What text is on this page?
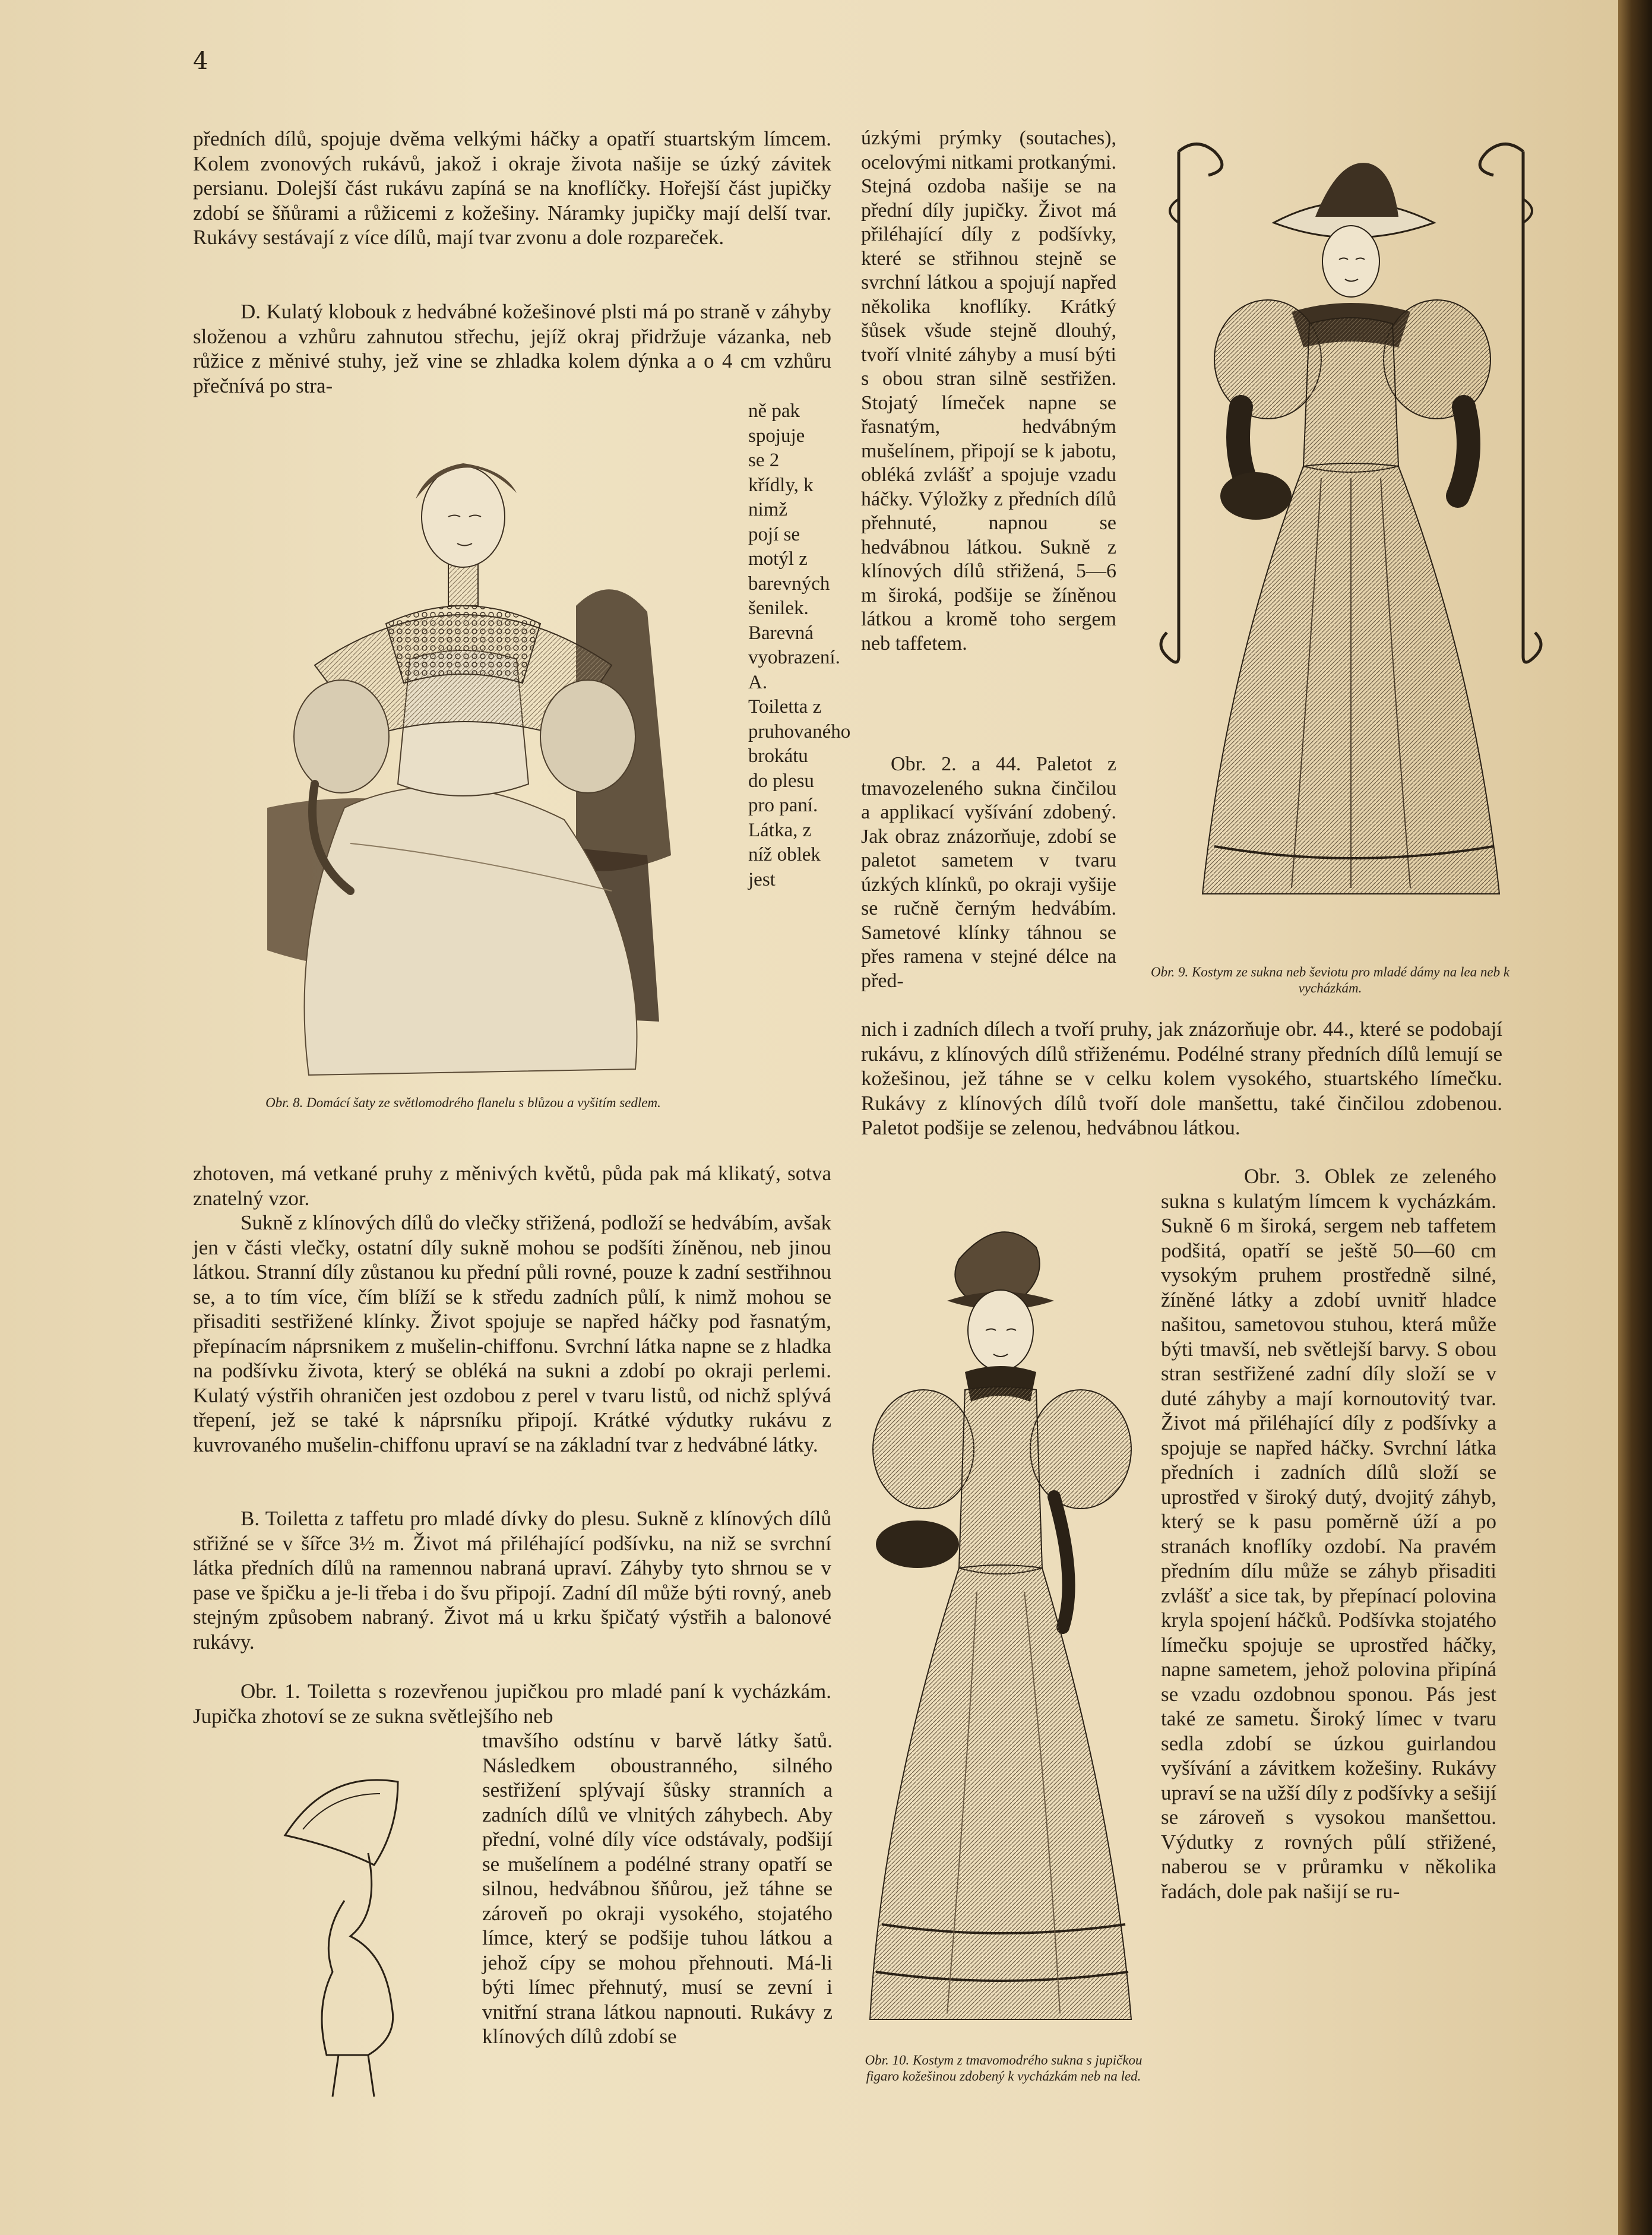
4

předních dílů, spojuje dvěma velkými háčky a opatří stuartským límcem. Kolem zvonových rukávů, jakož i okraje života našije se úzký závitek persianu. Dolejší část rukávu zapíná se na knoflíčky. Hořejší část jupičky zdobí se šňůrami a růžicemi z kožešiny. Náramky jupičky mají delší tvar. Rukávy sestávají z více dílů, mají tvar zvonu a dole rozpareček.

D. Kulatý klobouk z hedvábné kožešinové plsti má po straně v záhyby složenou a vzhůru zahnutou střechu, jejíž okraj přidržuje vázanka, neb růžice z měnivé stuhy, jež vine se zhladka kolem dýnka a o 4 cm vzhůru přečnívá po stra-

ně pak spojuje se 2 křídly, k nimž pojí se motýl z barevných šenilek. Barevná vyobrazení. A. Toiletta z pruhovaného brokátu do plesu pro paní. Látka, z níž oblek jest

Obr. 8. Domácí šaty ze světlomodrého flanelu s blůzou a vyšitím sedlem.

zhotoven, má vetkané pruhy z měnivých květů, půda pak má klikatý, sotva znatelný vzor.

Sukně z klínových dílů do vlečky střižená, podloží se hedvábím, avšak jen v části vlečky, ostatní díly sukně mohou se podšíti žíněnou, neb jinou látkou. Stranní díly zůstanou ku přední půli rovné, pouze k zadní sestřihnou se, a to tím více, čím blíží se k středu zadních půlí, k nimž mohou se přisaditi sestřižené klínky. Život spojuje se napřed háčky pod řasnatým, přepínacím náprsnikem z mušelin-chiffonu. Svrchní látka napne se z hladka na podšívku života, který se obléká na sukni a zdobí po okraji perlemi. Kulatý výstřih ohraničen jest ozdobou z perel v tvaru listů, od nichž splývá třepení, jež se také k náprsníku připojí. Krátké výdutky rukávu z kuvrovaného mušelin-chiffonu upraví se na základní tvar z hedvábné látky.

B. Toiletta z taffetu pro mladé dívky do plesu. Sukně z klínových dílů střižné se v šířce 3½ m. Život má přiléhající podšívku, na niž se svrchní látka předních dílů na ramennou nabraná upraví. Záhyby tyto shrnou se v pase ve špičku a je-li třeba i do švu připojí. Zadní díl může býti rovný, aneb stejným způsobem nabraný. Život má u krku špičatý výstřih a balonové rukávy.

Obr. 1. Toiletta s rozevřenou jupičkou pro mladé paní k vycházkám. Jupička zhotoví se ze sukna světlejšího neb

tmavšího odstínu v barvě látky šatů. Následkem oboustranného, silného sestřižení splývají šůsky stranních a zadních dílů ve vlnitých záhybech. Aby přední, volné díly více odstávaly, podšijí se mušelínem a podélné strany opatří se silnou, hedvábnou šňůrou, jež táhne se zároveň po okraji vysokého, stojatého límce, který se podšije tuhou látkou a jehož cípy se mohou přehnouti. Má-li býti límec přehnutý, musí se zevní i vnitřní strana látkou napnouti. Rukávy z klínových dílů zdobí se

úzkými prýmky (soutaches), ocelovými nitkami protkanými. Stejná ozdoba našije se na přední díly jupičky. Život má přiléhající díly z podšívky, které se střihnou stejně se svrchní látkou a spojují napřed několika knoflíky. Krátký šůsek všude stejně dlouhý, tvoří vlnité záhyby a musí býti s obou stran silně sestřižen. Stojatý límeček napne se řasnatým, hedvábným mušelínem, připojí se k jabotu, obléká zvlášť a spojuje vzadu háčky. Výložky z předních dílů přehnuté, napnou se hedvábnou látkou. Sukně z klínových dílů střižená, 5—6 m široká, podšije se žíněnou látkou a kromě toho sergem neb taffetem.

Obr. 2. a 44. Paletot z tmavozeleného sukna činčilou a applikací vyšívání zdobený. Jak obraz znázorňuje, zdobí se paletot sametem v tvaru úzkých klínků, po okraji vyšije se ručně černým hedvábím. Sametové klínky táhnou se přes ramena v stejné délce na před-

nich i zadních dílech a tvoří pruhy, jak znázorňuje obr. 44., které se podobají rukávu, z klínových dílů střiženému. Podélné strany předních dílů lemují se kožešinou, jež táhne se v celku kolem vysokého, stuartského límečku. Rukávy z klínových dílů tvoří dole manšettu, také činčilou zdobenou. Paletot podšije se zelenou, hedvábnou látkou.

Obr. 10. Kostym z tmavomodrého sukna s jupičkou figaro kožešinou zdobený k vycházkám neb na led.

Obr. 9. Kostym ze sukna neb ševiotu pro mladé dámy na lea neb k vycházkám.

Obr. 3. Oblek ze zeleného sukna s kulatým límcem k vycházkám. Sukně 6 m široká, sergem neb taffetem podšitá, opatří se ještě 50—60 cm vysokým pruhem prostředně silné, žíněné látky a zdobí uvnitř hladce našitou, sametovou stuhou, která může býti tmavší, neb světlejší barvy. S obou stran sestřižené zadní díly složí se v duté záhyby a mají kornoutovitý tvar. Život má přiléhající díly z podšívky a spojuje se napřed háčky. Svrchní látka předních i zadních dílů složí se uprostřed v široký dutý, dvojitý záhyb, který se k pasu poměrně úží a po stranách knoflíky ozdobí. Na pravém předním dílu může se záhyb přisaditi zvlášť a sice tak, by přepínací polovina kryla spojení háčků. Podšívka stojatého límečku spojuje se uprostřed háčky, napne sametem, jehož polovina připíná se vzadu ozdobnou sponou. Pás jest také ze sametu. Široký límec v tvaru sedla zdobí se úzkou guirlandou vyšívání a závitkem kožešiny. Rukávy upraví se na užší díly z podšívky a sešijí se zároveň s vysokou manšettou. Výdutky z rovných půlí střižené, naberou se v průramku v několika řadách, dole pak našijí se ru-
